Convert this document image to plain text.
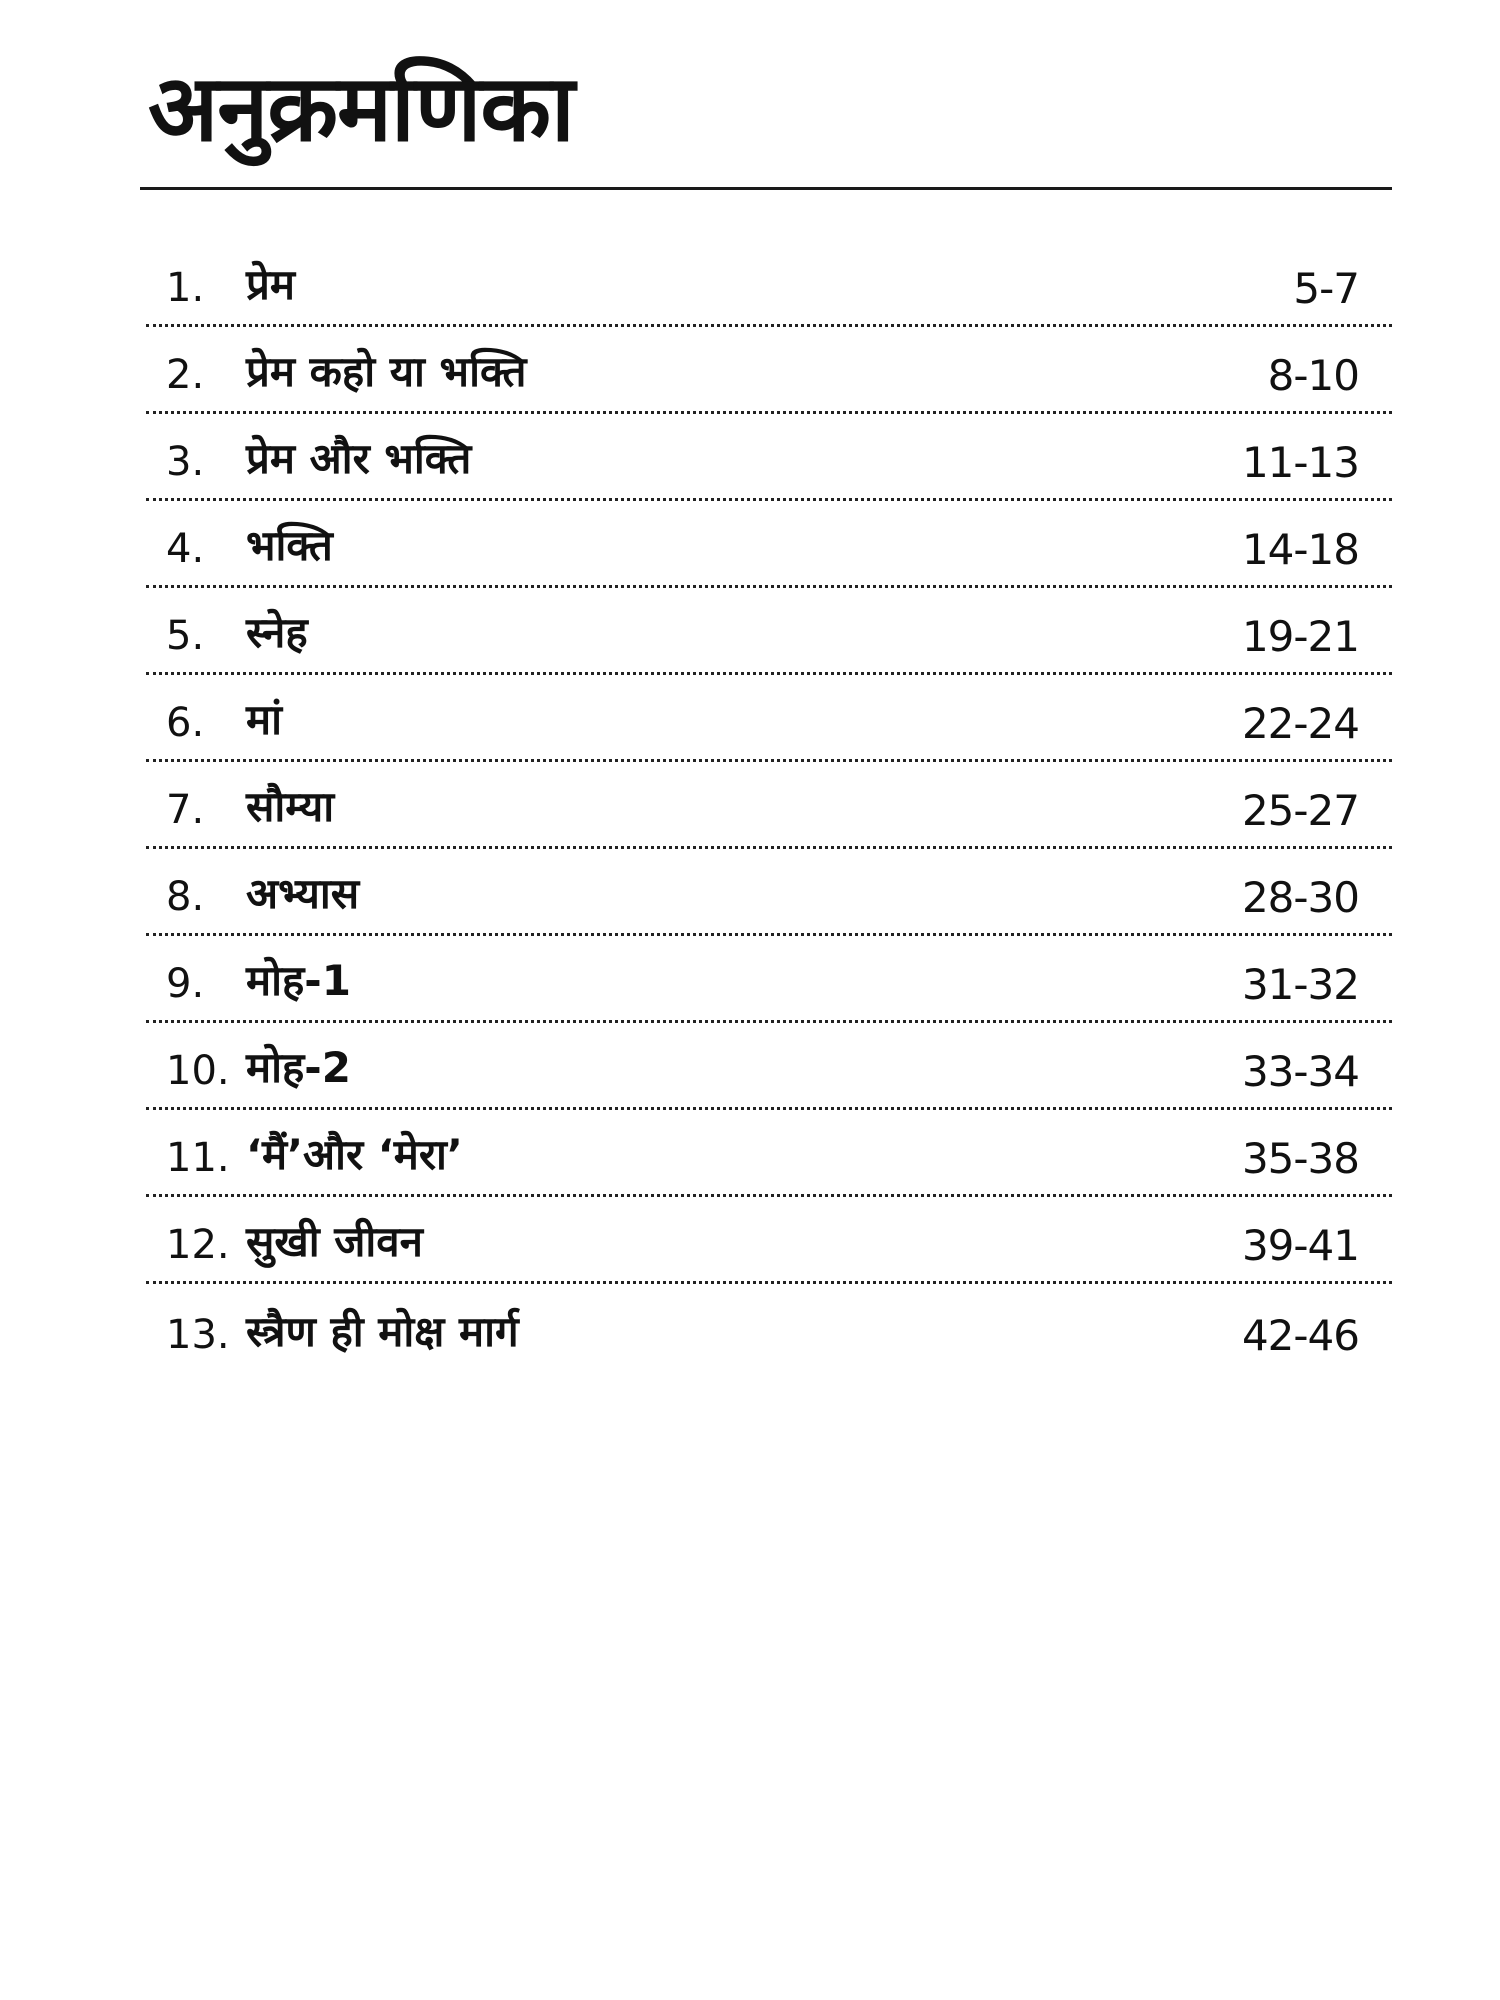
अनुक्रमणिका
1. प्रेम	5-7
2. प्रेम कहो या भक्ति	8-10
3. प्रेम और भक्ति	11-13
4. भक्ति	14-18
5. स्नेह	19-21
6. मां	22-24
7. सौम्या	25-27
8. अभ्यास	28-30
9. मोह-1	31-32
10. मोह-2	33-34
11. ‘मैं’और ‘मेरा’	35-38
12. सुखी जीवन	39-41
13. स्त्रैण ही मोक्ष मार्ग	42-46
